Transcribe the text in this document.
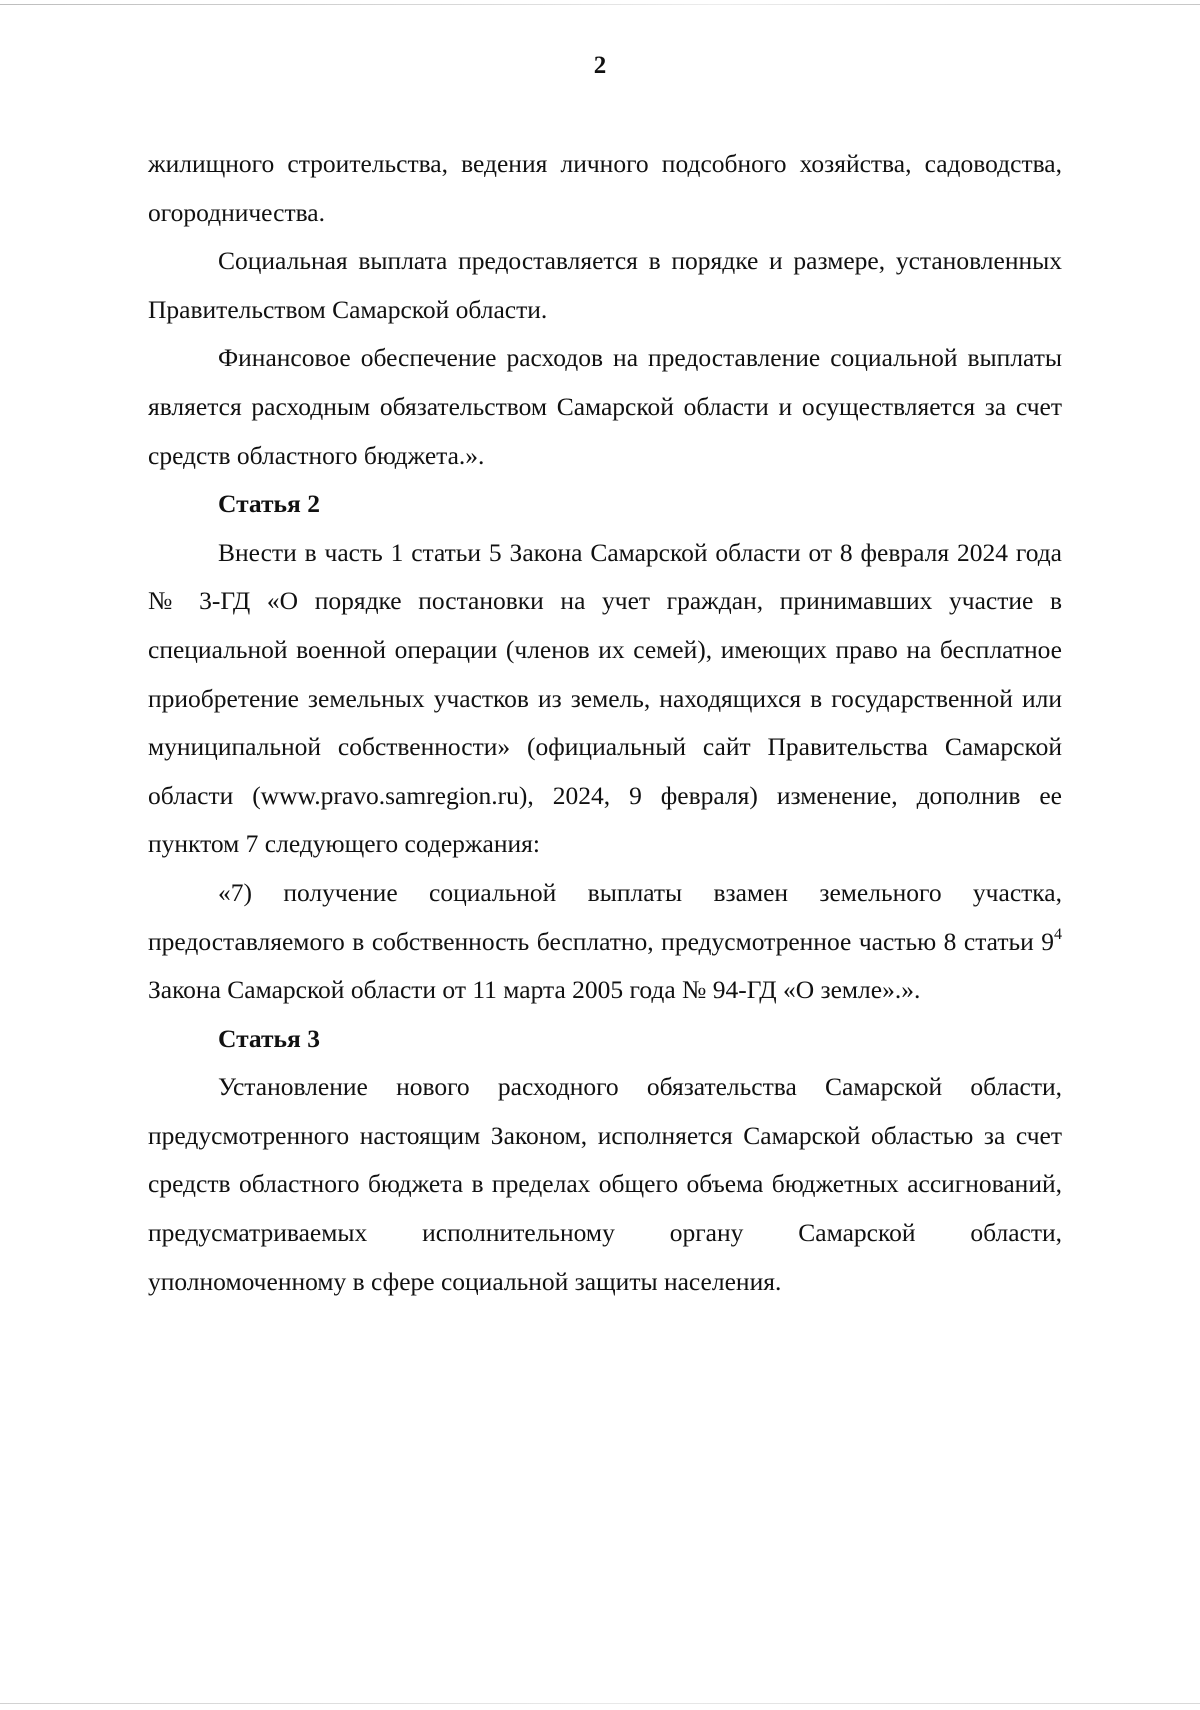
2

жилищного строительства, ведения личного подсобного хозяйства, садоводства, огородничества.

Социальная выплата предоставляется в порядке и размере, установленных Правительством Самарской области.

Финансовое обеспечение расходов на предоставление социальной выплаты является расходным обязательством Самарской области и осуществляется за счет средств областного бюджета.».

Статья 2

Внести в часть 1 статьи 5 Закона Самарской области от 8 февраля 2024 года № 3-ГД «О порядке постановки на учет граждан, принимавших участие в специальной военной операции (членов их семей), имеющих право на бесплатное приобретение земельных участков из земель, находящихся в государственной или муниципальной собственности» (официальный сайт Правительства Самарской области (www.pravo.samregion.ru), 2024, 9 февраля) изменение, дополнив ее пунктом 7 следующего содержания:

«7) получение социальной выплаты взамен земельного участка, предоставляемого в собственность бесплатно, предусмотренное частью 8 статьи $9^4$ Закона Самарской области от 11 марта 2005 года № 94-ГД «О земле».».

Статья 3

Установление нового расходного обязательства Самарской области, предусмотренного настоящим Законом, исполняется Самарской областью за счет средств областного бюджета в пределах общего объема бюджетных ассигнований, предусматриваемых исполнительному органу Самарской области, уполномоченному в сфере социальной защиты населения.
